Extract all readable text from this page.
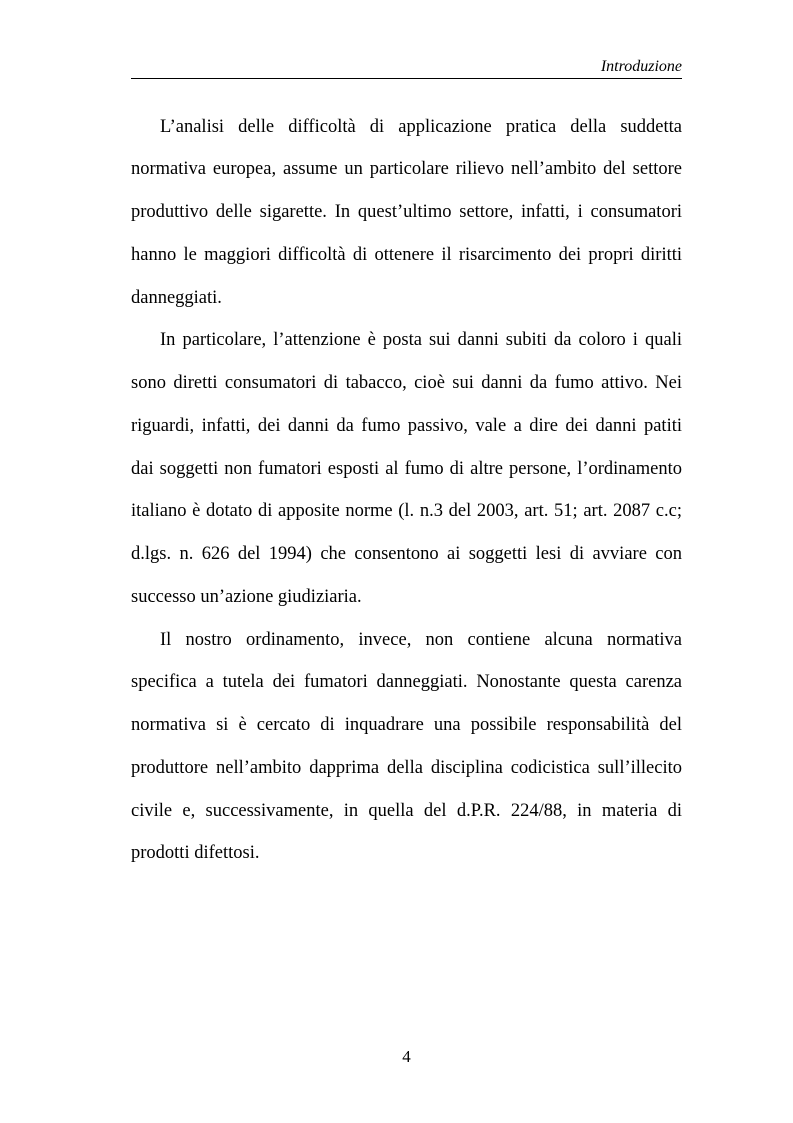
Introduzione
L’analisi delle difficoltà di applicazione pratica della suddetta
normativa europea, assume un particolare rilievo nell’ambito del settore
produttivo delle sigarette. In quest’ultimo settore, infatti, i consumatori
hanno le maggiori difficoltà di ottenere il risarcimento dei propri diritti
danneggiati.
In particolare, l’attenzione è posta sui danni subiti da coloro i quali
sono diretti consumatori di tabacco, cioè sui danni da fumo attivo. Nei
riguardi, infatti, dei danni da fumo passivo, vale a dire dei danni patiti
dai soggetti non fumatori esposti al fumo di altre persone, l’ordinamento
italiano è dotato di apposite norme (l. n.3 del 2003, art. 51; art. 2087 c.c;
d.lgs. n. 626 del 1994) che consentono ai soggetti lesi di avviare con
successo un’azione giudiziaria.
Il nostro ordinamento, invece, non contiene alcuna normativa
specifica a tutela dei fumatori danneggiati. Nonostante questa carenza
normativa si è cercato di inquadrare una possibile responsabilità del
produttore nell’ambito dapprima della disciplina codicistica sull’illecito
civile e, successivamente, in quella del d.P.R. 224/88, in materia di
prodotti difettosi.
4
